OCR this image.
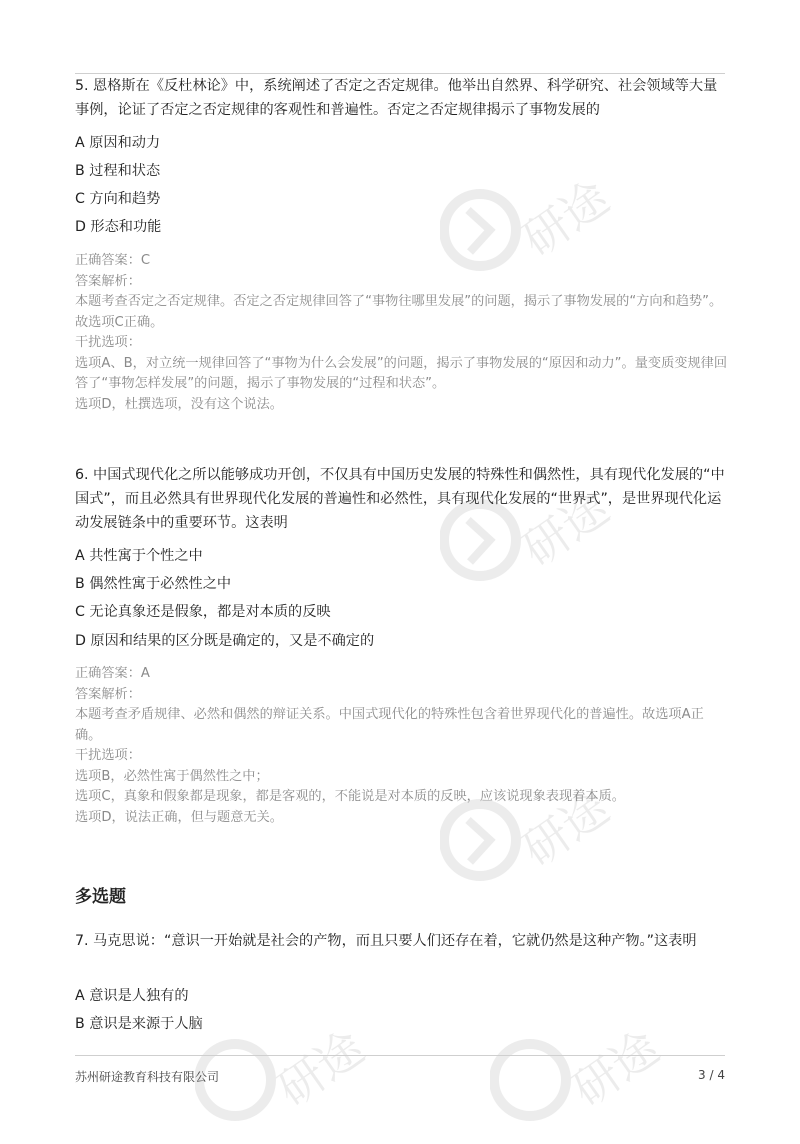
研途
研途
研途
研途	研途
5. 恩格斯在《反杜林论》中，系统阐述了否定之否定规律。他举出自然界、科学研究、社会领域等大量事例，论证了否定之否定规律的客观性和普遍性。否定之否定规律揭示了事物发展的
A 原因和动力
B 过程和状态
C 方向和趋势
D 形态和功能

正确答案：C

答案解析：

本题考查否定之否定规律。否定之否定规律回答了“事物往哪里发展”的问题，揭示了事物发展的“方向和趋势”。故选项C正确。

干扰选项：

选项A、B，对立统一规律回答了“事物为什么会发展”的问题，揭示了事物发展的“原因和动力”。量变质变规律回答了“事物怎样发展”的问题，揭示了事物发展的“过程和状态”。

选项D，杜撰选项，没有这个说法。

6. 中国式现代化之所以能够成功开创，不仅具有中国历史发展的特殊性和偶然性，具有现代化发展的“中国式”，而且必然具有世界现代化发展的普遍性和必然性，具有现代化发展的“世界式”，是世界现代化运动发展链条中的重要环节。这表明
A 共性寓于个性之中
B 偶然性寓于必然性之中
C 无论真象还是假象，都是对本质的反映
D 原因和结果的区分既是确定的，又是不确定的

正确答案：A

答案解析：

本题考查矛盾规律、必然和偶然的辩证关系。中国式现代化的特殊性包含着世界现代化的普遍性。故选项A正确。

干扰选项：

选项B，必然性寓于偶然性之中；

选项C，真象和假象都是现象，都是客观的，不能说是对本质的反映，应该说现象表现着本质。

选项D，说法正确，但与题意无关。

多选题
7. 马克思说：“意识一开始就是社会的产物，而且只要人们还存在着，它就仍然是这种产物。”这表明
A 意识是人独有的
B 意识是来源于人脑
苏州研途教育科技有限公司	3 / 4
